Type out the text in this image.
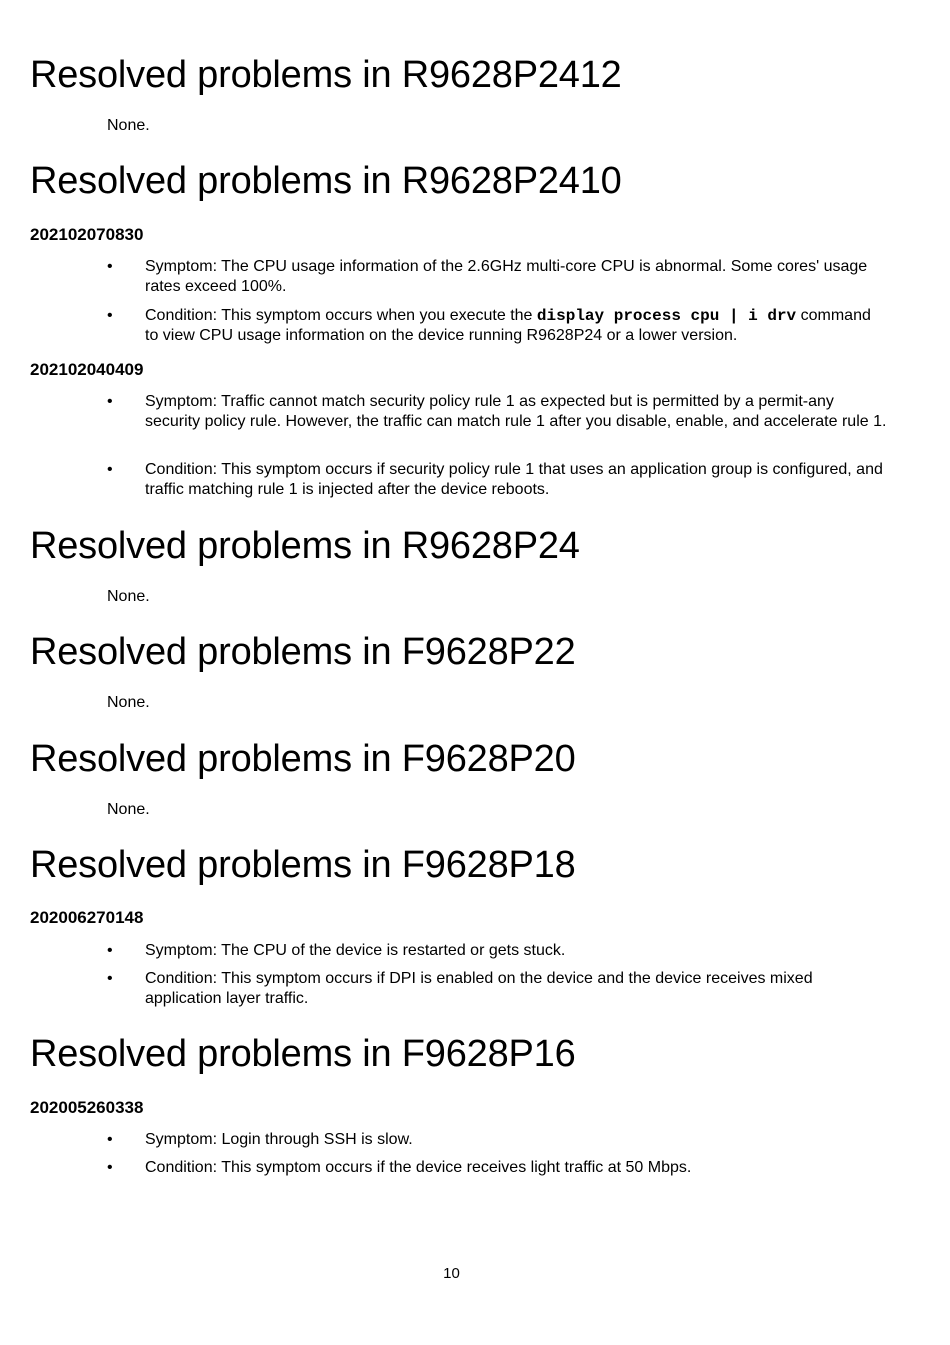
Resolved problems in R9628P2412

None.

Resolved problems in R9628P2410
202102070830
• Symptom: The CPU usage information of the 2.6GHz multi-core CPU is abnormal. Some cores' usage rates exceed 100%.
• Condition: This symptom occurs when you execute the display process cpu | i drv command to view CPU usage information on the device running R9628P24 or a lower version.
202102040409
• Symptom: Traffic cannot match security policy rule 1 as expected but is permitted by a permit-any security policy rule. However, the traffic can match rule 1 after you disable, enable, and accelerate rule 1.
• Condition: This symptom occurs if security policy rule 1 that uses an application group is configured, and traffic matching rule 1 is injected after the device reboots.
Resolved problems in R9628P24

None.

Resolved problems in F9628P22

None.

Resolved problems in F9628P20

None.

Resolved problems in F9628P18
202006270148
• Symptom: The CPU of the device is restarted or gets stuck.
• Condition: This symptom occurs if DPI is enabled on the device and the device receives mixed application layer traffic.
Resolved problems in F9628P16
202005260338
• Symptom: Login through SSH is slow.
• Condition: This symptom occurs if the device receives light traffic at 50 Mbps.
10
